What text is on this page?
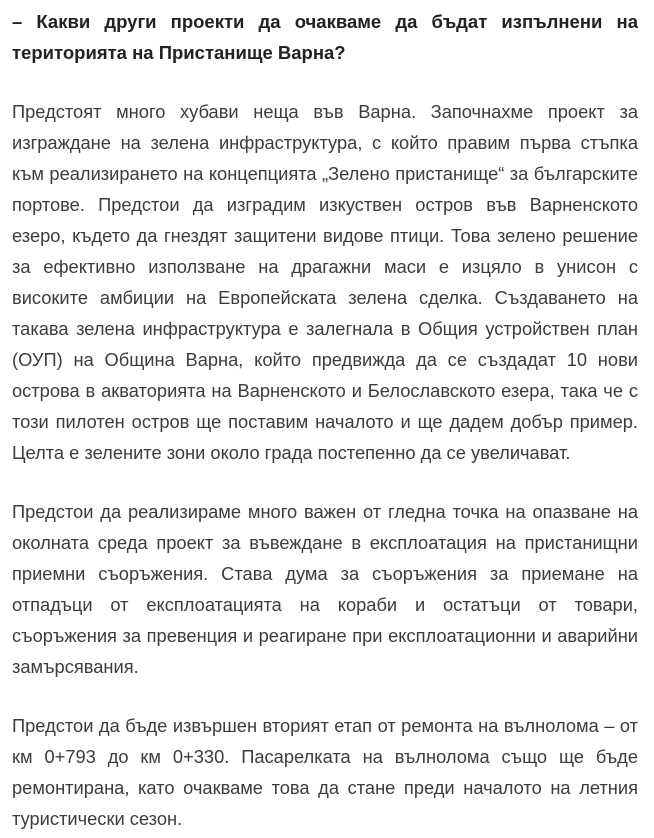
– Какви други проекти да очакваме да бъдат изпълнени на територията на Пристанище Варна?

Предстоят много хубави неща във Варна. Започнахме проект за изграждане на зелена инфраструктура, с който правим първа стъпка към реализирането на концепцията „Зелено пристанище“ за българските портове. Предстои да изградим изкуствен остров във Варненското езеро, където да гнездят защитени видове птици. Това зелено решение за ефективно използване на драгажни маси е изцяло в унисон с високите амбиции на Европейската зелена сделка. Създаването на такава зелена инфраструктура е залегнала в Общия устройствен план (ОУП) на Община Варна, който предвижда да се създадат 10 нови острова в акваторията на Варненското и Белославското езера, така че с този пилотен остров ще поставим началото и ще дадем добър пример. Целта е зелените зони около града постепенно да се увеличават.

Предстои да реализираме много важен от гледна точка на опазване на околната среда проект за въвеждане в експлоатация на пристанищни приемни съоръжения. Става дума за съоръжения за приемане на отпадъци от експлоатацията на кораби и остатъци от товари, съоръжения за превенция и реагиране при експлоатационни и аварийни замърсявания.

Предстои да бъде извършен вторият етап от ремонта на вълнолома – от км 0+793 до км 0+330. Пасарелката на вълнолома също ще бъде ремонтирана, като очакваме това да стане преди началото на летния туристически сезон.
